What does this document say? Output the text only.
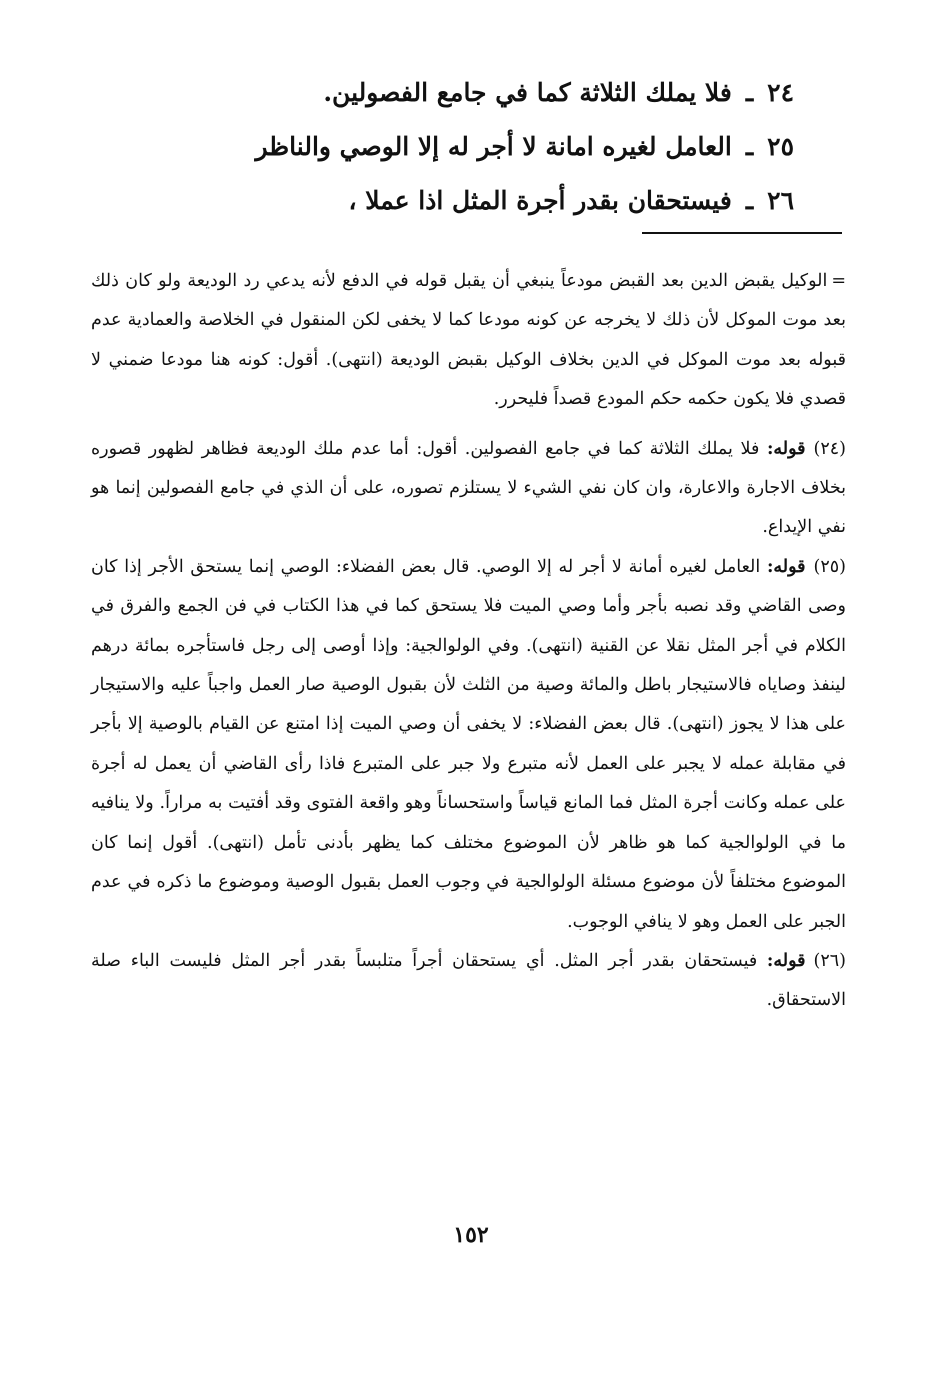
٢٤ـفلا يملك الثلاثة كما في جامع الفصولين.
٢٥ـالعامل لغيره امانة لا أجر له إلا الوصي والناظر
٢٦ـفيستحقان بقدر أجرة المثل اذا عملا ،

=الوكيل يقبض الدين بعد القبض مودعاً ينبغي أن يقبل قوله في الدفع لأنه يدعي رد الوديعة ولو كان ذلك بعد موت الموكل لأن ذلك لا يخرجه عن كونه مودعا كما لا يخفى لكن المنقول في الخلاصة والعمادية عدم قبوله بعد موت الموكل في الدين بخلاف الوكيل بقبض الوديعة (انتهى). أقول: كونه هنا مودعا ضمني لا قصدي فلا يكون حكمه حكم المودع قصداً فليحرر.

(٢٤)قوله: فلا يملك الثلاثة كما في جامع الفصولين. أقول: أما عدم ملك الوديعة فظاهر لظهور قصوره بخلاف الاجارة والاعارة، وان كان نفي الشيء لا يستلزم تصوره، على أن الذي في جامع الفصولين إنما هو نفي الإيداع.

(٢٥)قوله: العامل لغيره أمانة لا أجر له إلا الوصي. قال بعض الفضلاء: الوصي إنما يستحق الأجر إذا كان وصى القاضي وقد نصبه بأجر وأما وصي الميت فلا يستحق كما في هذا الكتاب في فن الجمع والفرق في الكلام في أجر المثل نقلا عن القنية (انتهى). وفي الولوالجية: وإذا أوصى إلى رجل فاستأجره بمائة درهم لينفذ وصاياه فالاستيجار باطل والمائة وصية من الثلث لأن بقبول الوصية صار العمل واجباً عليه والاستيجار على هذا لا يجوز (انتهى). قال بعض الفضلاء: لا يخفى أن وصي الميت إذا امتنع عن القيام بالوصية إلا بأجر في مقابلة عمله لا يجبر على العمل لأنه متبرع ولا جبر على المتبرع فاذا رأى القاضي أن يعمل له أجرة على عمله وكانت أجرة المثل فما المانع قياساً واستحساناً وهو واقعة الفتوى وقد أفتيت به مراراً. ولا ينافيه ما في الولوالجية كما هو ظاهر لأن الموضوع مختلف كما يظهر بأدنى تأمل (انتهى). أقول إنما كان الموضوع مختلفاً لأن موضوع مسئلة الولوالجية في وجوب العمل بقبول الوصية وموضوع ما ذكره في عدم الجبر على العمل وهو لا ينافي الوجوب.

(٢٦)قوله: فيستحقان بقدر أجر المثل. أي يستحقان أجراً متلبساً بقدر أجر المثل فليست الباء صلة الاستحقاق.

١٥٢
